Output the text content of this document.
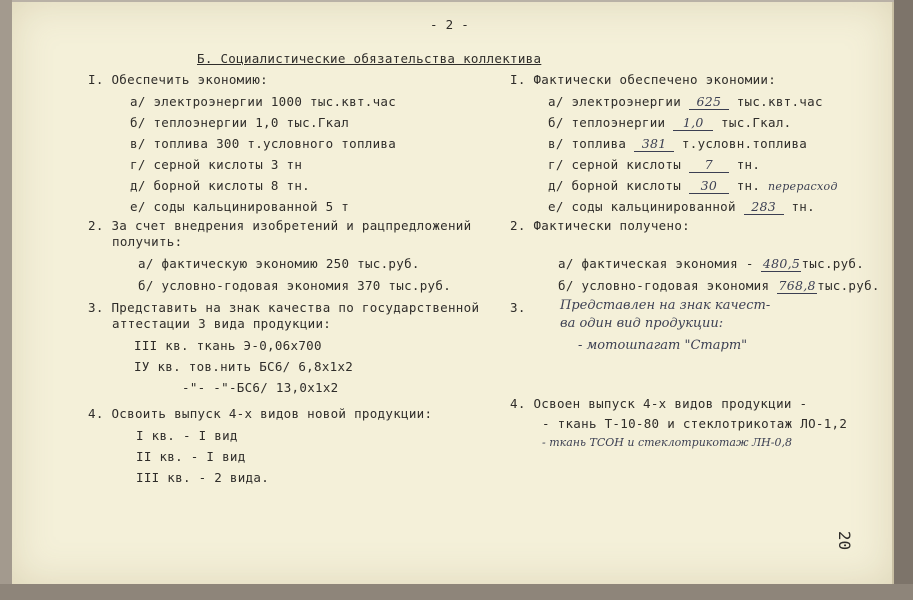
- 2 -
Б. Социалистические обязательства коллектива
I. Обеспечить экономию:
а/ электроэнергии 1000 тыс.квт.час
б/ теплоэнергии 1,0 тыс.Гкал
в/ топлива 300 т.условного топлива
г/ серной кислоты 3 тн
д/ борной кислоты 8 тн.
е/ соды кальцинированной 5 т
2. За счет внедрения изобретений и рацпредложений
получить:
а/ фактическую экономию 250 тыс.руб.
б/ условно-годовая экономия 370 тыс.руб.
3. Представить на знак качества по государственной
аттестации 3 вида продукции:
III кв. ткань Э-0,06х700
IУ кв. тов.нить БС6/ 6,8х1х2
-"- -"-БС6/ 13,0х1х2
4. Освоить выпуск 4-х видов новой продукции:
I кв. - I вид
II кв. - I вид
III кв. - 2 вида.
I. Фактически обеспечено экономии:
а/ электроэнергии 625 тыс.квт.час
б/ теплоэнергии 1,0 тыс.Гкал.
в/ топлива 381 т.условн.топлива
г/ серной кислоты 7 тн.
д/ борной кислоты 30 тн. перерасход
е/ соды кальцинированной 283 тн.
2. Фактически получено:
а/ фактическая экономия - 480,5тыс.руб.
б/ условно-годовая экономия 768,8тыс.руб.
3.	Представлен на знак качест-
ва один вид продукции:
- мотошпагат "Старт"
4. Освоен выпуск 4-х видов продукции -
- ткань Т-10-80 и стеклотрикотаж ЛО-1,2
- ткань ТСОН и стеклотрикотаж ЛН-0,8
20
